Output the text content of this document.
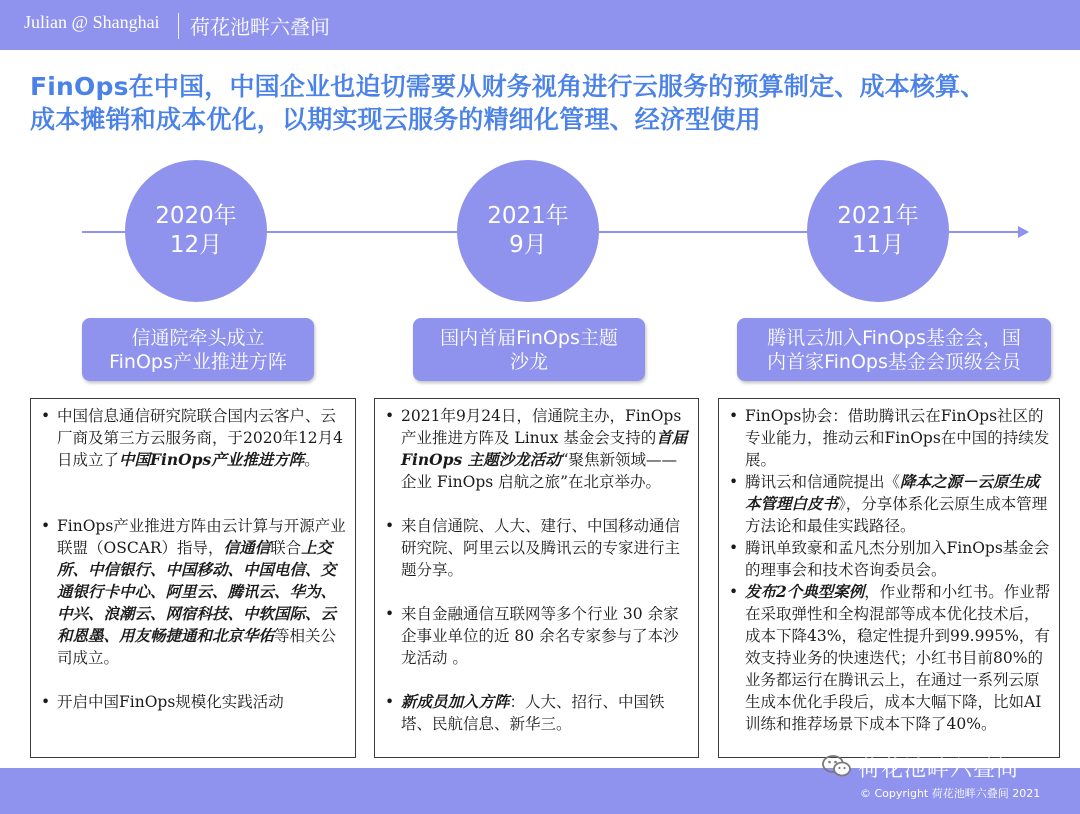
Julian @ Shanghai 荷花池畔六叠间
FinOps在中国，中国企业也迫切需要从财务视角进行云服务的预算制定、成本核算、
成本摊销和成本优化，以期实现云服务的精细化管理、经济型使用
2020年
12月
2021年
9月
2021年
11月
信通院牵头成立
FinOps产业推进方阵
国内首届FinOps主题
沙龙
腾讯云加入FinOps基金会，国
内首家FinOps基金会顶级会员
• 中国信息通信研究院联合国内云客户、云厂商及第三方云服务商，于2020年12月4日成立了中国FinOps产业推进方阵。
• FinOps产业推进方阵由云计算与开源产业联盟（OSCAR）指导，信通信联合上交所、中信银行、中国移动、中国电信、交通银行卡中心、阿里云、腾讯云、华为、中兴、浪潮云、网宿科技、中软国际、云和恩墨、用友畅捷通和北京华佑等相关公司成立。
• 开启中国FinOps规模化实践活动
• 2021年9月24日，信通院主办，FinOps 产业推进方阵及 Linux 基金会支持的首届 FinOps 主题沙龙活动“聚焦新领域——企业 FinOps 启航之旅”在北京举办。
• 来自信通院、人大、建行、中国移动通信研究院、阿里云以及腾讯云的专家进行主题分享。
• 来自金融通信互联网等多个行业 30 余家企事业单位的近 80 余名专家参与了本沙龙活动 。
• 新成员加入方阵：人大、招行、中国铁塔、民航信息、新华三。
• FinOps协会：借助腾讯云在FinOps社区的专业能力，推动云和FinOps在中国的持续发展。
• 腾讯云和信通院提出《降本之源－云原生成本管理白皮书》，分享体系化云原生成本管理方法论和最佳实践路径。
• 腾讯单致豪和孟凡杰分别加入FinOps基金会的理事会和技术咨询委员会。
• 发布2个典型案例，作业帮和小红书。作业帮在采取弹性和全构混部等成本优化技术后，成本下降43%，稳定性提升到99.995%，有效支持业务的快速迭代；小红书目前80%的业务都运行在腾讯云上，在通过一系列云原生成本优化手段后，成本大幅下降，比如AI训练和推荐场景下成本下降了40%。
荷花池畔六叠间
© Copyright 荷花池畔六叠间 2021
